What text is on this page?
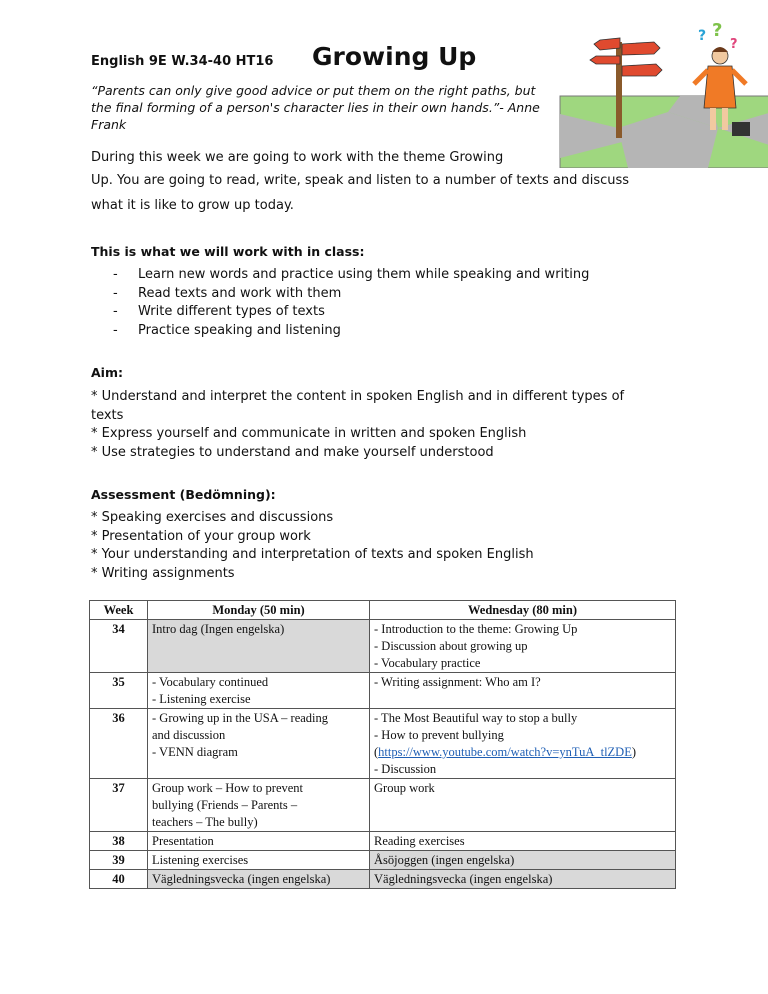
English 9E W.34-40 HT16 Growing Up
“Parents can only give good advice or put them on the right paths, but the final forming of a person's character lies in their own hands.”- Anne Frank
? ?
?
During this week we are going to work with the theme Growing
Up. You are going to read, write, speak and listen to a number of texts and discuss
what it is like to grow up today.
This is what we will work with in class:
- Learn new words and practice using them while speaking and writing
- Read texts and work with them
- Write different types of texts
- Practice speaking and listening
Aim:
* Understand and interpret the content in spoken English and in different types of
texts
* Express yourself and communicate in written and spoken English
* Use strategies to understand and make yourself understood
Assessment (Bedömning):
* Speaking exercises and discussions
* Presentation of your group work
* Your understanding and interpretation of texts and spoken English
* Writing assignments
Week	Monday (50 min)	Wednesday (80 min)
34	Intro dag (Ingen engelska)	- Introduction to the theme: Growing Up
- Discussion about growing up
- Vocabulary practice

35	- Vocabulary continued
- Listening exercise	- Writing assignment: Who am I?

36	- Growing up in the USA – reading
and discussion
- VENN diagram	- The Most Beautiful way to stop a bully
- How to prevent bullying
(https://www.youtube.com/watch?v=ynTuA_tlZDE)
- Discussion

37	Group work – How to prevent
bullying (Friends – Parents –
teachers – The bully)	Group work

38	Presentation	Reading exercises

39	Listening exercises	Åsöjoggen (ingen engelska)

40	Vägledningsvecka (ingen engelska)	Vägledningsvecka (ingen engelska)
